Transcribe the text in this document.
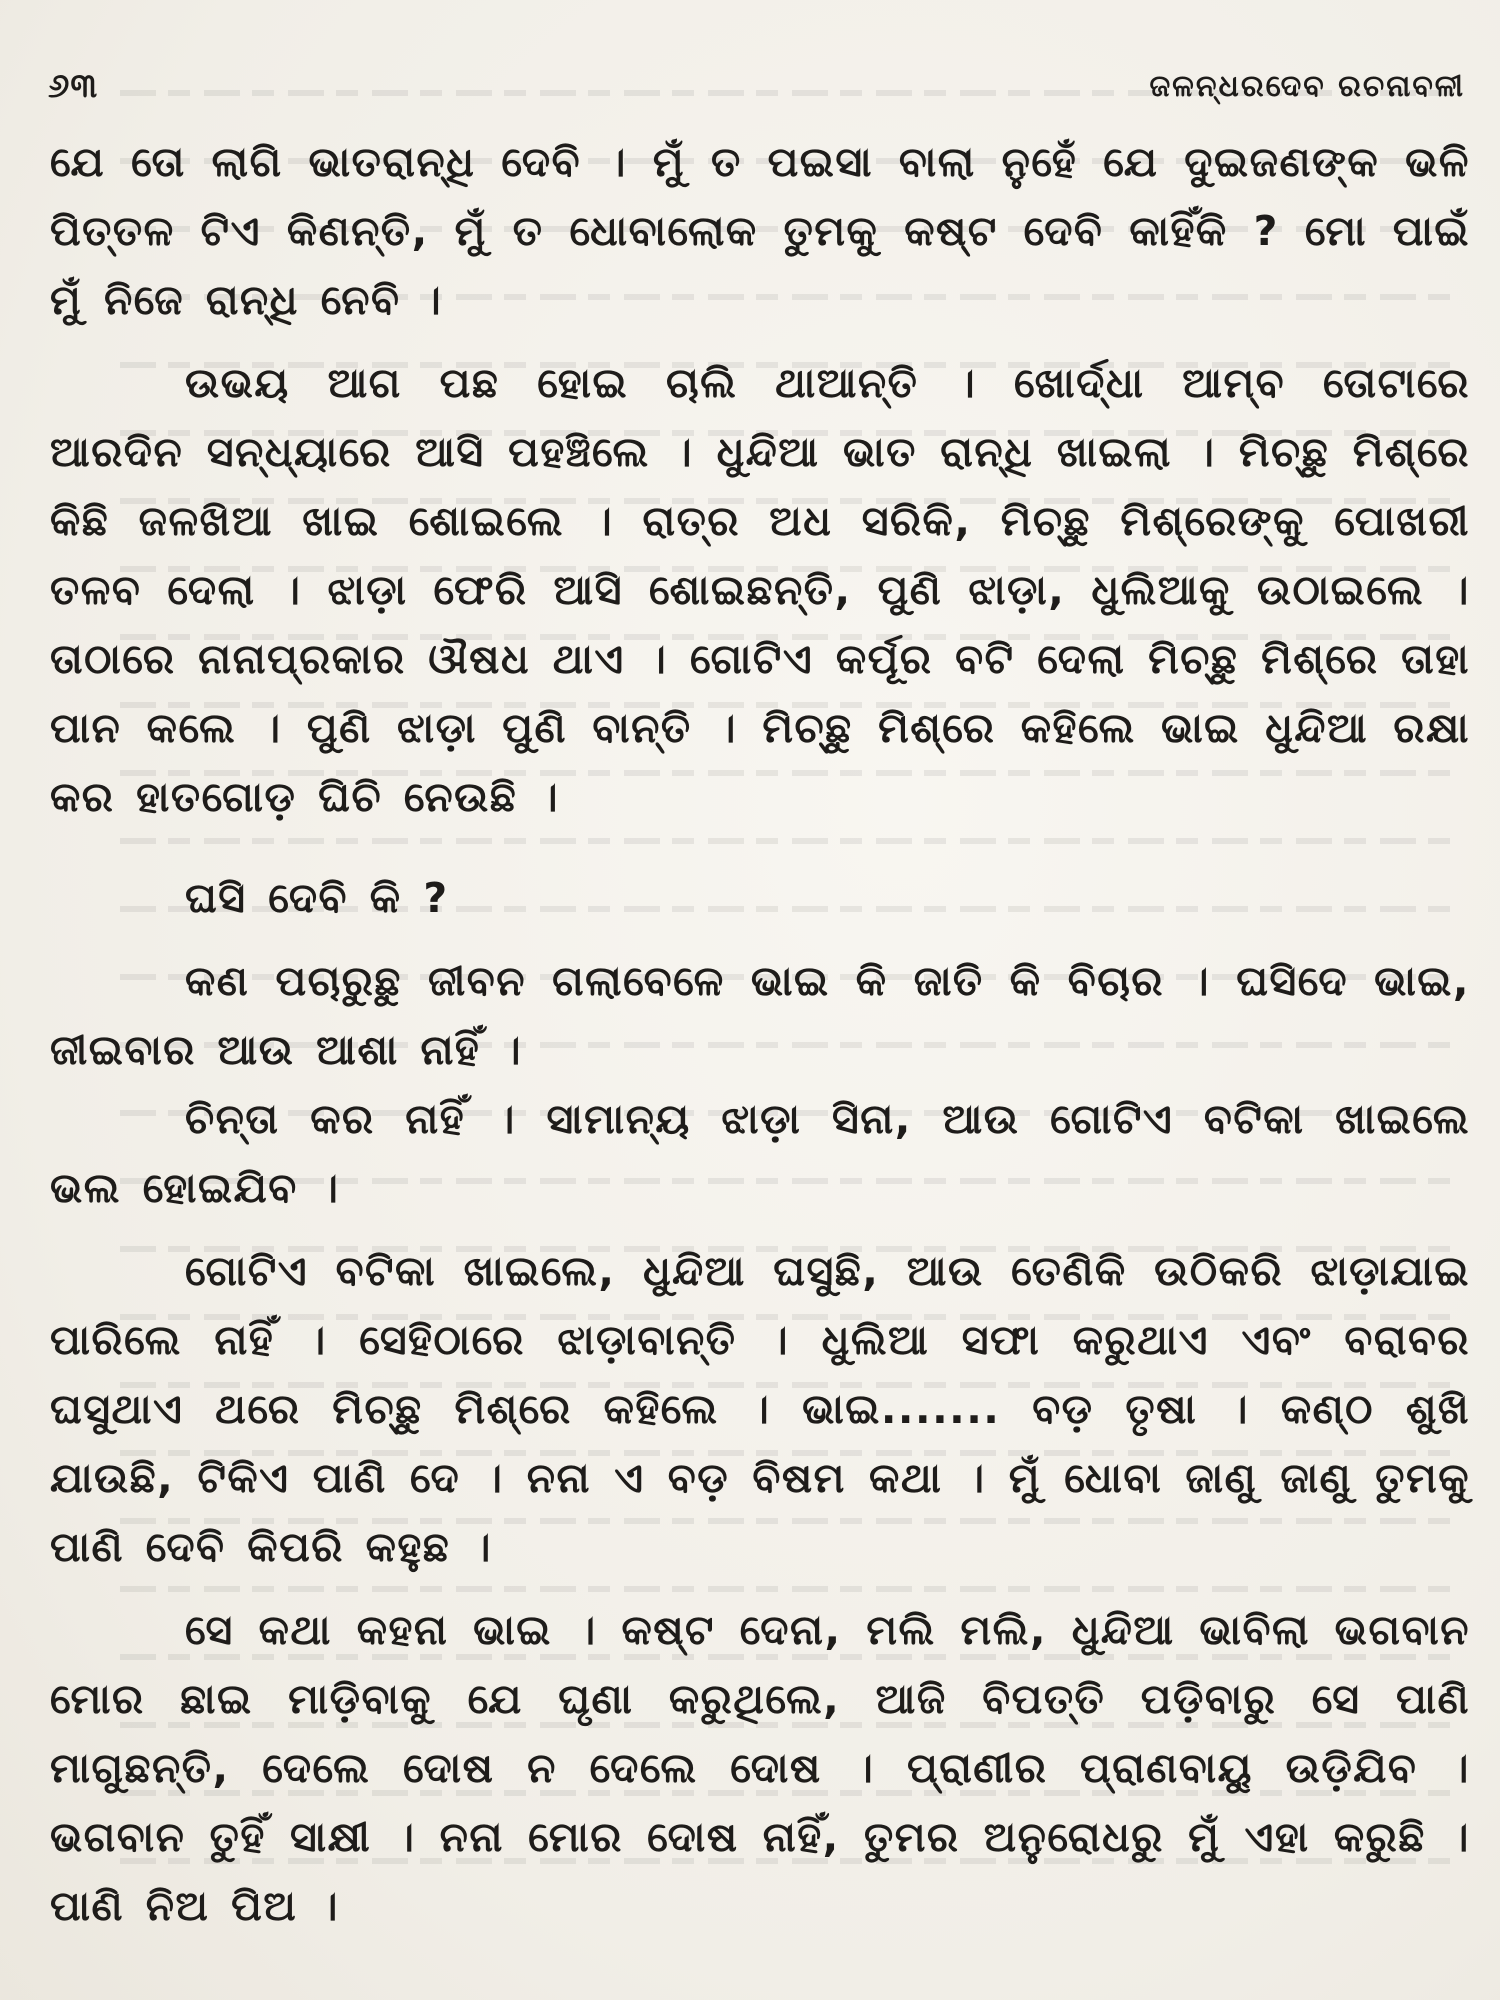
୬୩	ଜଳନ୍ଧରଦେବ ରଚନାବଳୀ

ଯେ ତୋ ଲାଗି ଭାତରାନ୍ଧି ଦେବି । ମୁଁ ତ ପଇସା ବାଲା ନୁହେଁ ଯେ ଦୁଇଜଣଙ୍କ ଭଳି ପିତ୍ତଳ ଟିଏ କିଣନ୍ତି, ମୁଁ ତ ଧୋବାଲୋକ ତୁମକୁ କଷ୍ଟ ଦେବି କାହିଁକି ? ମୋ ପାଇଁ ମୁଁ ନିଜେ ରାନ୍ଧି ନେବି ।

ଉଭୟ ଆଗ ପଛ ହୋଇ ଚାଲି ଥାଆନ୍ତି । ଖୋର୍ଦ୍ଧା ଆମ୍ବ ତୋଟାରେ ଆରଦିନ ସନ୍ଧ୍ୟାରେ ଆସି ପହଞ୍ଚିଲେ । ଧୁନ୍ଦିଆ ଭାତ ରାନ୍ଧି ଖାଇଲା । ମିଚ୍ଛୁ ମିଶ୍ରେ କିଛି ଜଳଖିଆ ଖାଇ ଶୋଇଲେ । ରାତ୍ର ଅଧ ସରିକି, ମିଚ୍ଛୁ ମିଶ୍ରେଙ୍କୁ ପୋଖରୀ ତଳବ ଦେଲା । ଝାଡ଼ା ଫେରି ଆସି ଶୋଇଛନ୍ତି, ପୁଣି ଝାଡ଼ା, ଧୁଲିଆକୁ ଉଠାଇଲେ । ତାଠାରେ ନାନାପ୍ରକାର ଔଷଧ ଥାଏ । ଗୋଟିଏ କର୍ପୂର ବଟି ଦେଲା ମିଚ୍ଛୁ ମିଶ୍ରେ ତାହା ପାନ କଲେ । ପୁଣି ଝାଡ଼ା ପୁଣି ବାନ୍ତି । ମିଚ୍ଛୁ ମିଶ୍ରେ କହିଲେ ଭାଇ ଧୁନ୍ଦିଆ ରକ୍ଷା କର ହାତଗୋଡ଼ ଘିଚି ନେଉଛି ।

ଘସି ଦେବି କି ?

କଣ ପଚାରୁଛୁ ଜୀବନ ଗଲାବେଳେ ଭାଇ କି ଜାତି କି ବିଚାର । ଘସିଦେ ଭାଇ, ଜୀଇବାର ଆଉ ଆଶା ନାହିଁ ।

ଚିନ୍ତା କର ନାହିଁ । ସାମାନ୍ୟ ଝାଡ଼ା ସିନା, ଆଉ ଗୋଟିଏ ବଟିକା ଖାଇଲେ ଭଲ ହୋଇଯିବ ।

ଗୋଟିଏ ବଟିକା ଖାଇଲେ, ଧୁନ୍ଦିଆ ଘସୁଛି, ଆଉ ତେଣିକି ଉଠିକରି ଝାଡ଼ାଯାଇ ପାରିଲେ ନାହିଁ । ସେହିଠାରେ ଝାଡ଼ାବାନ୍ତି । ଧୁଲିଆ ସଫା କରୁଥାଏ ଏବଂ ବରାବର ଘସୁଥାଏ ଥରେ ମିଚ୍ଛୁ ମିଶ୍ରେ କହିଲେ । ଭାଇ....... ବଡ଼ ତୃଷା । କଣ୍ଠ ଶୁଖି ଯାଉଛି, ଟିକିଏ ପାଣି ଦେ । ନନା ଏ ବଡ଼ ବିଷମ କଥା । ମୁଁ ଧୋବା ଜାଣୁ ଜାଣୁ ତୁମକୁ ପାଣି ଦେବି କିପରି କହୁଛ ।

ସେ କଥା କହନା ଭାଇ । କଷ୍ଟ ଦେନା, ମଲି ମଲି, ଧୁନ୍ଦିଆ ଭାବିଲା ଭଗବାନ ମୋର ଛାଇ ମାଡ଼ିବାକୁ ଯେ ଘୃଣା କରୁଥିଲେ, ଆଜି ବିପତ୍ତି ପଡ଼ିବାରୁ ସେ ପାଣି ମାଗୁଛନ୍ତି, ଦେଲେ ଦୋଷ ନ ଦେଲେ ଦୋଷ । ପ୍ରାଣୀର ପ୍ରାଣବାୟୁ ଉଡ଼ିଯିବ । ଭଗବାନ ତୁହିଁ ସାକ୍ଷୀ । ନନା ମୋର ଦୋଷ ନାହିଁ, ତୁମର ଅନୁରୋଧରୁ ମୁଁ ଏହା କରୁଛି । ପାଣି ନିଅ ପିଅ ।
